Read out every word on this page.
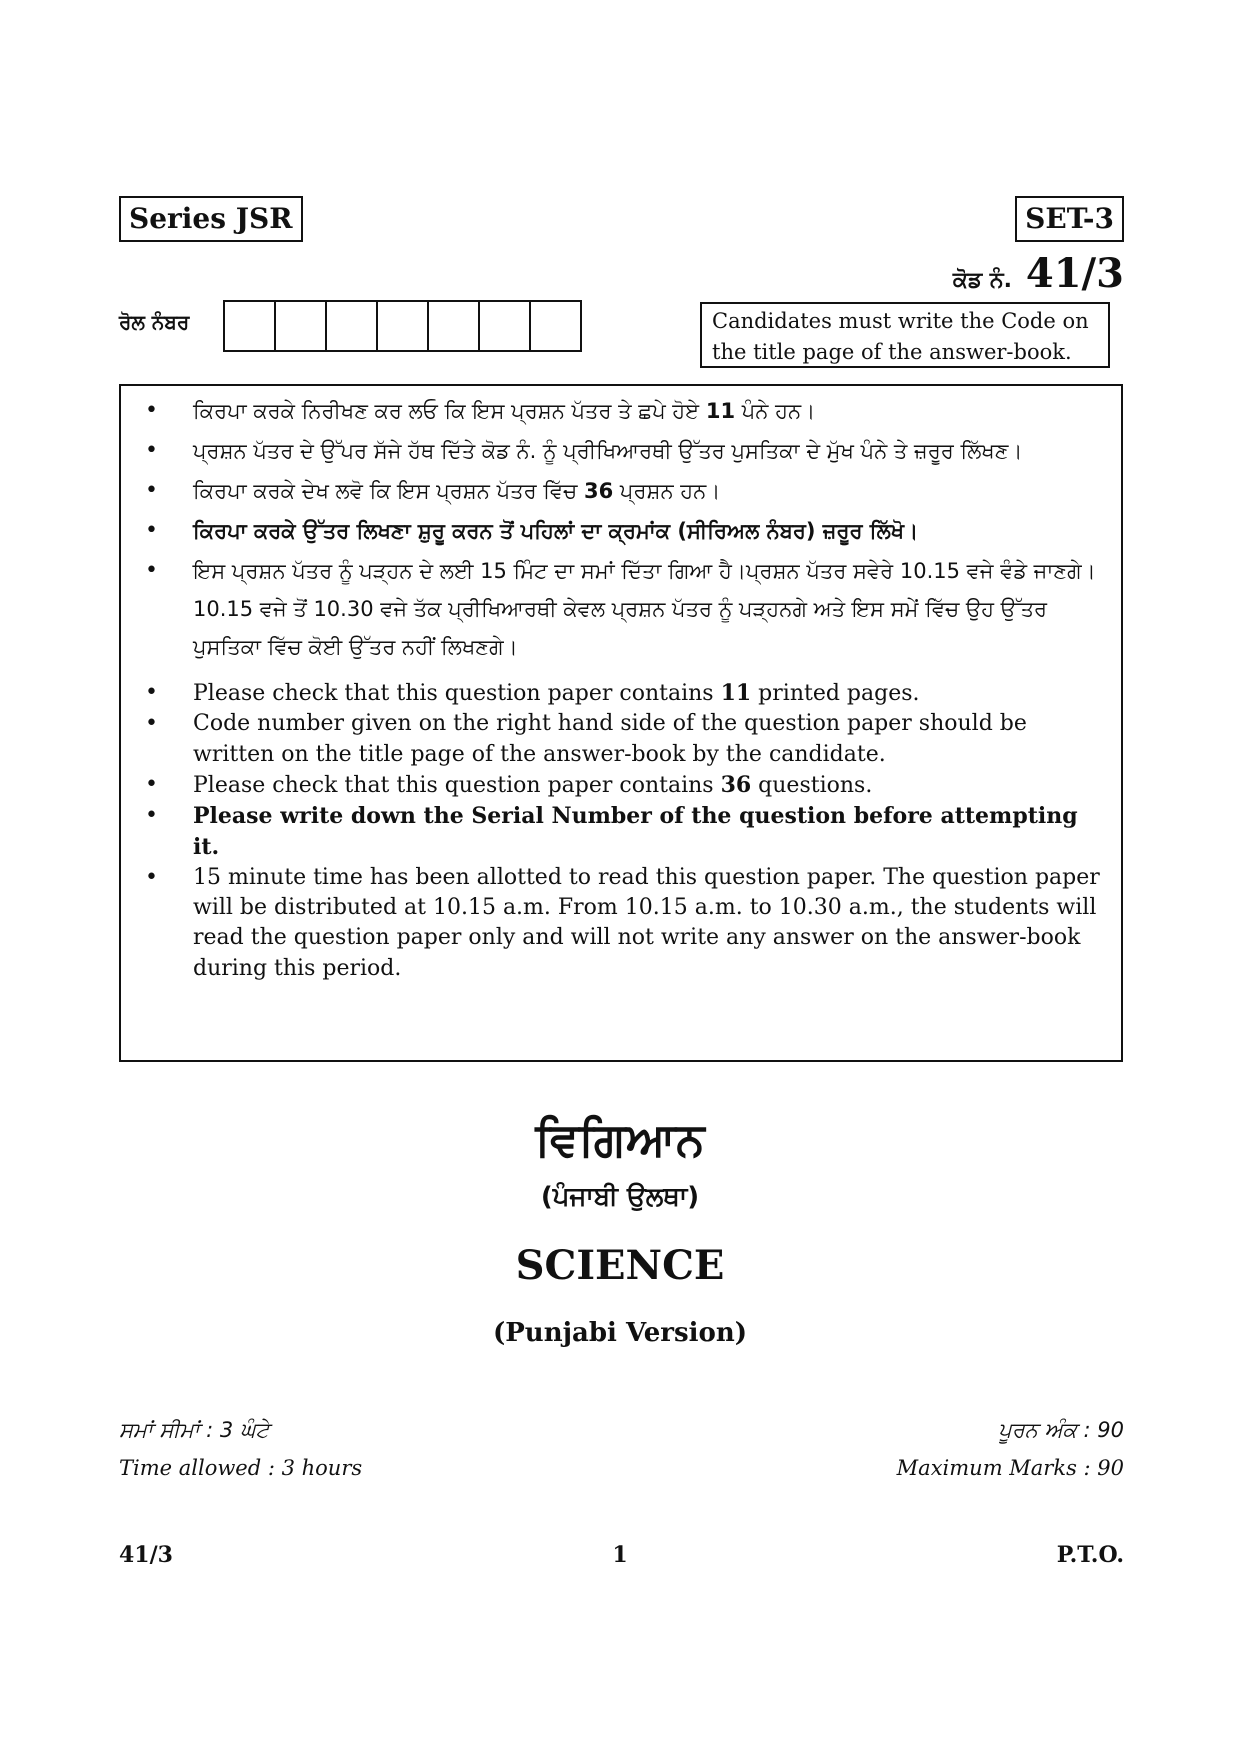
Series JSR	SET-3
ਕੋਡ ਨੰ. 41/3
ਰੋਲ ਨੰਬਰ	Candidates must write the Code on the title page of the answer-book.
• ਕਿਰਪਾ ਕਰਕੇ ਨਿਰੀਖਣ ਕਰ ਲਓ ਕਿ ਇਸ ਪ੍ਰਸ਼ਨ ਪੱਤਰ ਤੇ ਛਪੇ ਹੋਏ 11 ਪੰਨੇ ਹਨ।
• ਪ੍ਰਸ਼ਨ ਪੱਤਰ ਦੇ ਉੱਪਰ ਸੱਜੇ ਹੱਥ ਦਿੱਤੇ ਕੋਡ ਨੰ. ਨੂੰ ਪ੍ਰੀਖਿਆਰਥੀ ਉੱਤਰ ਪੁਸਤਿਕਾ ਦੇ ਮੁੱਖ ਪੰਨੇ ਤੇ ਜ਼ਰੂਰ ਲਿੱਖਣ।
• ਕਿਰਪਾ ਕਰਕੇ ਦੇਖ ਲਵੋ ਕਿ ਇਸ ਪ੍ਰਸ਼ਨ ਪੱਤਰ ਵਿੱਚ 36 ਪ੍ਰਸ਼ਨ ਹਨ।
• ਕਿਰਪਾ ਕਰਕੇ ਉੱਤਰ ਲਿਖਣਾ ਸ਼ੁਰੂ ਕਰਨ ਤੋਂ ਪਹਿਲਾਂ ਦਾ ਕ੍ਰਮਾਂਕ (ਸੀਰਿਅਲ ਨੰਬਰ) ਜ਼ਰੂਰ ਲਿੱਖੋ।
• ਇਸ ਪ੍ਰਸ਼ਨ ਪੱਤਰ ਨੂੰ ਪੜ੍ਹਨ ਦੇ ਲਈ 15 ਮਿੰਟ ਦਾ ਸਮਾਂ ਦਿੱਤਾ ਗਿਆ ਹੈ।ਪ੍ਰਸ਼ਨ ਪੱਤਰ ਸਵੇਰੇ 10.15 ਵਜੇ ਵੰਡੇ ਜਾਣਗੇ। 10.15 ਵਜੇ ਤੋਂ 10.30 ਵਜੇ ਤੱਕ ਪ੍ਰੀਖਿਆਰਥੀ ਕੇਵਲ ਪ੍ਰਸ਼ਨ ਪੱਤਰ ਨੂੰ ਪੜ੍ਹਨਗੇ ਅਤੇ ਇਸ ਸਮੇਂ ਵਿੱਚ ਉਹ ਉੱਤਰ ਪੁਸਤਿਕਾ ਵਿੱਚ ਕੋਈ ਉੱਤਰ ਨਹੀਂ ਲਿਖਣਗੇ।
• Please check that this question paper contains 11 printed pages.
• Code number given on the right hand side of the question paper should be written on the title page of the answer-book by the candidate.
• Please check that this question paper contains 36 questions.
• Please write down the Serial Number of the question before attempting it.
• 15 minute time has been allotted to read this question paper. The question paper will be distributed at 10.15 a.m. From 10.15 a.m. to 10.30 a.m., the students will read the question paper only and will not write any answer on the answer-book during this period.
ਵਿਗਿਆਨ
(ਪੰਜਾਬੀ ਉਲਥਾ)
SCIENCE
(Punjabi Version)
ਸਮਾਂ ਸੀਮਾਂ : 3 ਘੰਟੇ
Time allowed : 3 hours
ਪੂਰਨ ਅੰਕ : 90
Maximum Marks : 90
41/3	1	P.T.O.
